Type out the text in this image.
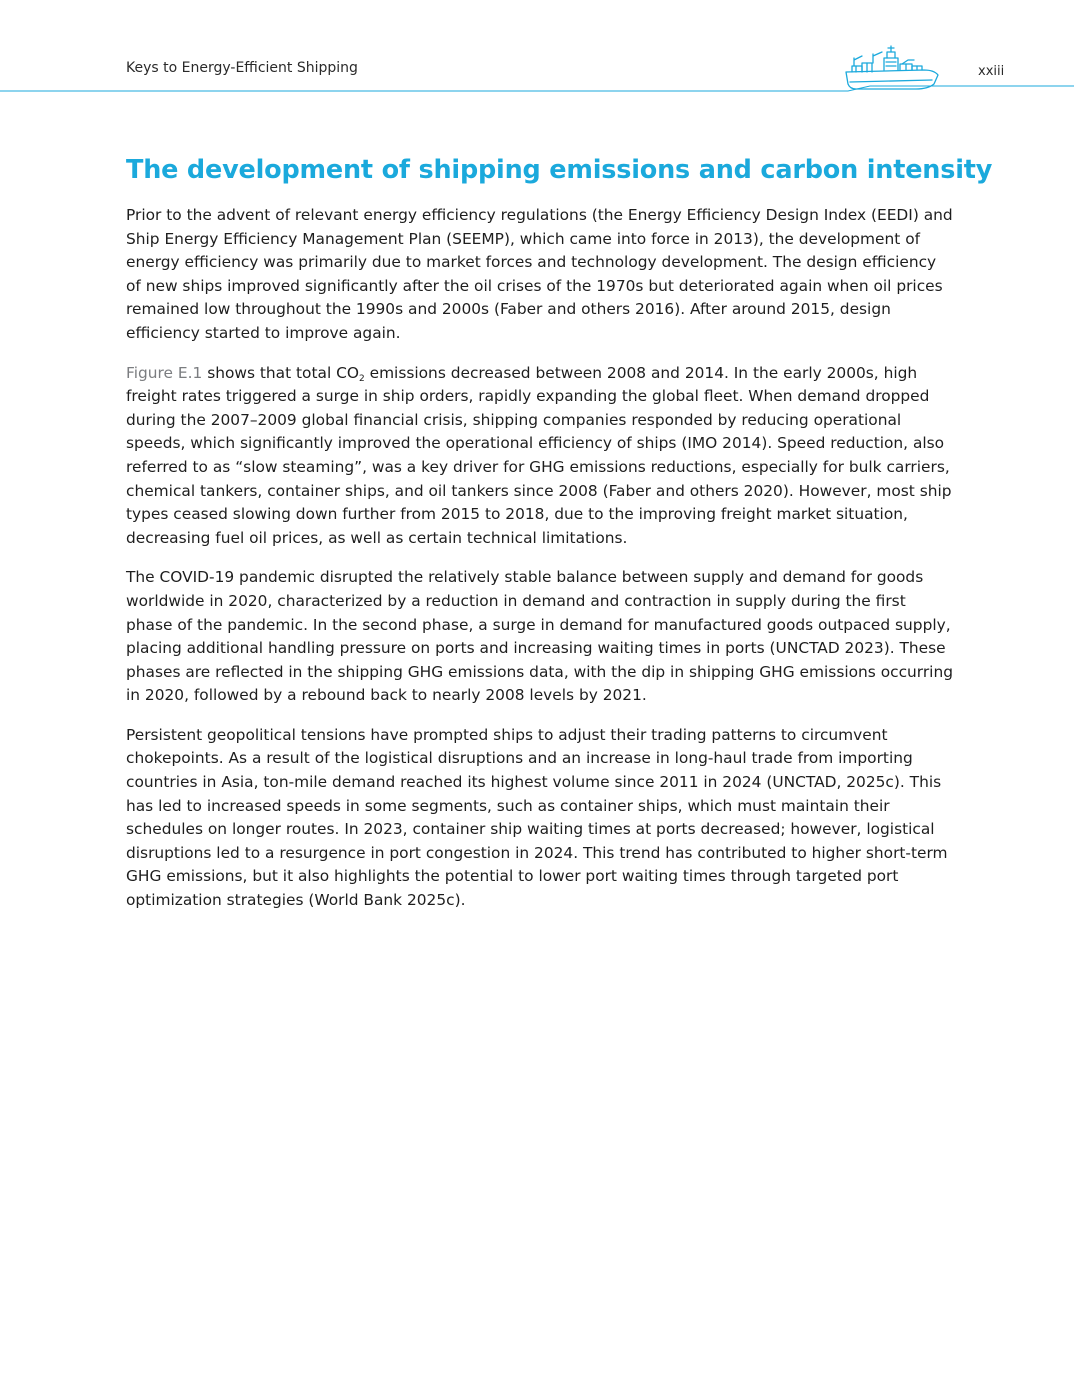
Keys to Energy-Efficient Shipping	xxiii
The development of shipping emissions and carbon intensity

Prior to the advent of relevant energy efficiency regulations (the Energy Efficiency Design Index (EEDI) and Ship Energy Efficiency Management Plan (SEEMP), which came into force in 2013), the development of energy efficiency was primarily due to market forces and technology development. The design efficiency of new ships improved significantly after the oil crises of the 1970s but deteriorated again when oil prices remained low throughout the 1990s and 2000s (Faber and others 2016). After around 2015, design efficiency started to improve again.

Figure E.1 shows that total $CO_2$ emissions decreased between 2008 and 2014. In the early 2000s, high freight rates triggered a surge in ship orders, rapidly expanding the global fleet. When demand dropped during the 2007–2009 global financial crisis, shipping companies responded by reducing operational speeds, which significantly improved the operational efficiency of ships (IMO 2014). Speed reduction, also referred to as “slow steaming”, was a key driver for GHG emissions reductions, especially for bulk carriers, chemical tankers, container ships, and oil tankers since 2008 (Faber and others 2020). However, most ship types ceased slowing down further from 2015 to 2018, due to the improving freight market situation, decreasing fuel oil prices, as well as certain technical limitations.

The COVID-19 pandemic disrupted the relatively stable balance between supply and demand for goods worldwide in 2020, characterized by a reduction in demand and contraction in supply during the first phase of the pandemic. In the second phase, a surge in demand for manufactured goods outpaced supply, placing additional handling pressure on ports and increasing waiting times in ports (UNCTAD 2023). These phases are reflected in the shipping GHG emissions data, with the dip in shipping GHG emissions occurring in 2020, followed by a rebound back to nearly 2008 levels by 2021.

Persistent geopolitical tensions have prompted ships to adjust their trading patterns to circumvent chokepoints. As a result of the logistical disruptions and an increase in long-haul trade from importing countries in Asia, ton-mile demand reached its highest volume since 2011 in 2024 (UNCTAD, 2025c). This has led to increased speeds in some segments, such as container ships, which must maintain their schedules on longer routes. In 2023, container ship waiting times at ports decreased; however, logistical disruptions led to a resurgence in port congestion in 2024. This trend has contributed to higher short-term GHG emissions, but it also highlights the potential to lower port waiting times through targeted port optimization strategies (World Bank 2025c).
